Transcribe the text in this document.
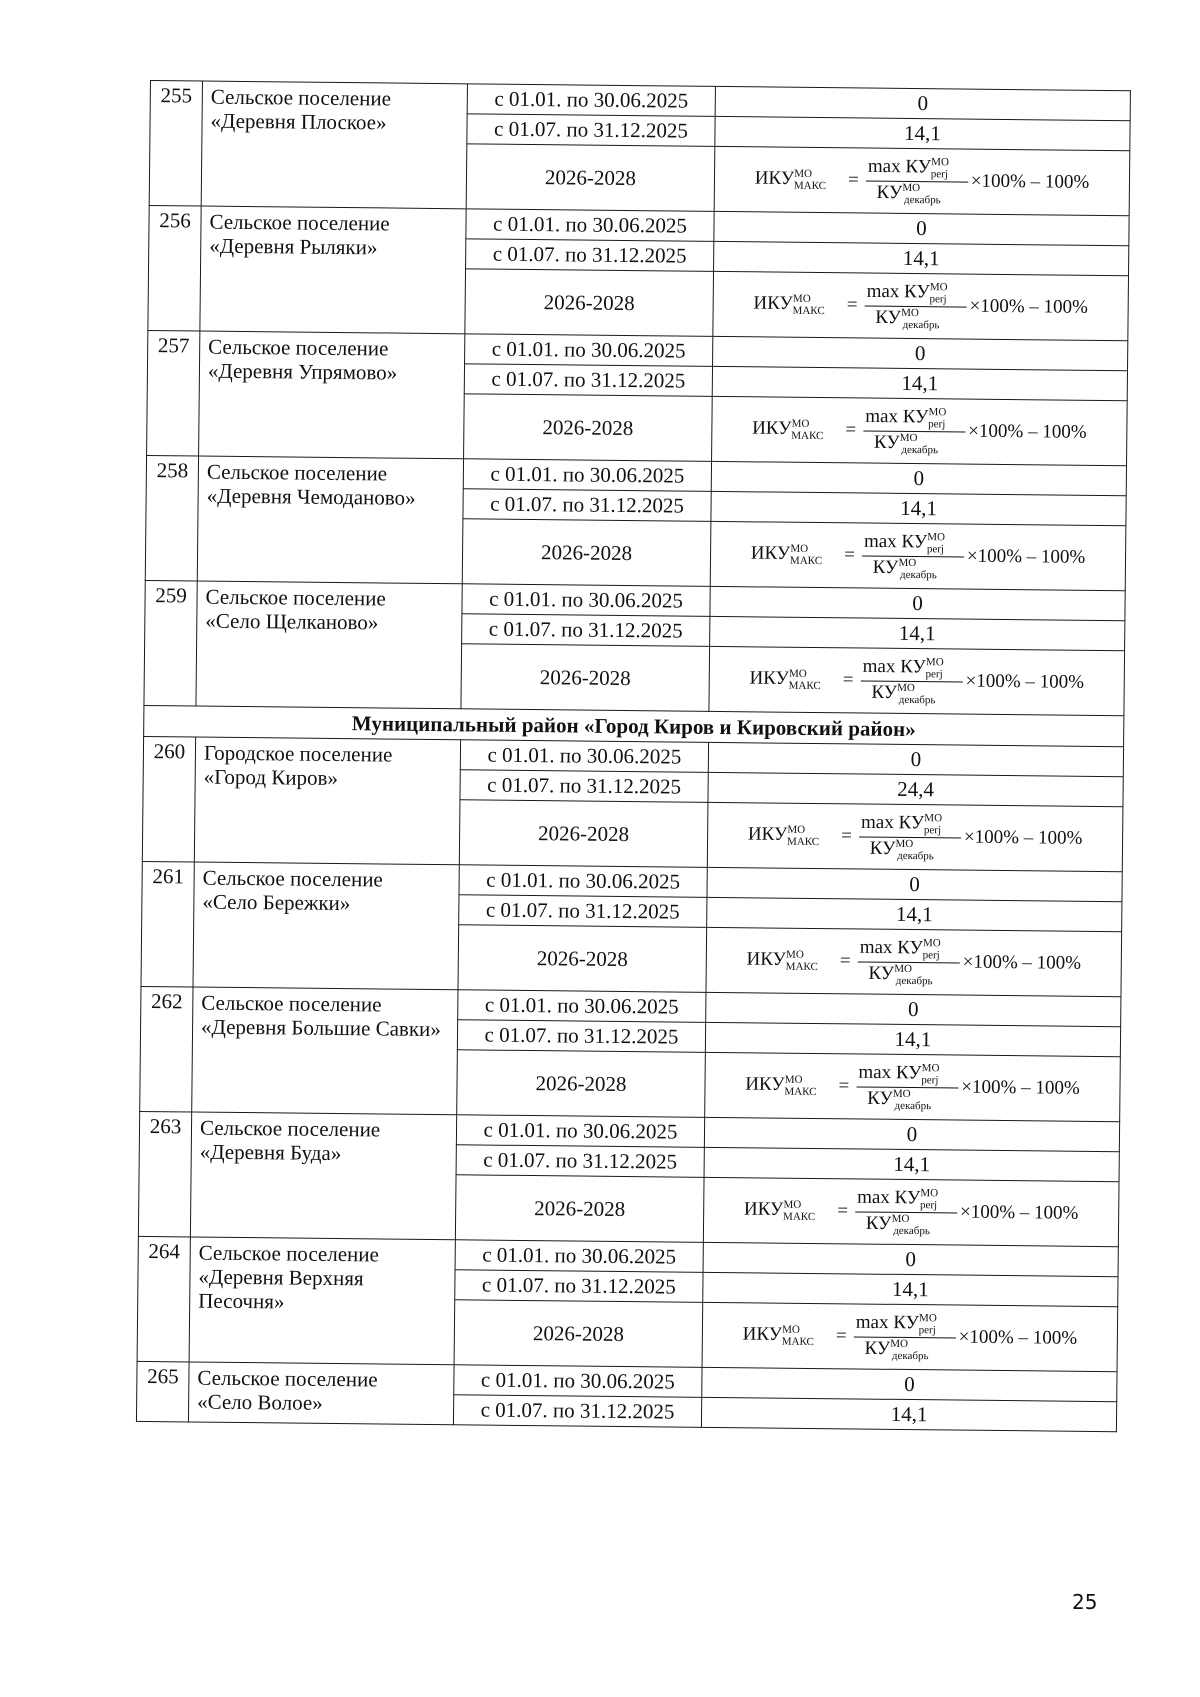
255	Сельское поселение
«Деревня Плоское»	с 01.01. по 30.06.2025	0
		с 01.07. по 31.12.2025	14,1
		2026-2028	$ИКУ^{МО}_{МАКС} = \frac{\max КУ^{МО}_{perj}}{КУ^{МО}_{декабрь}} \times 100\% - 100\%$

256	Сельское поселение
«Деревня Рыляки»	с 01.01. по 30.06.2025	0
		с 01.07. по 31.12.2025	14,1
		2026-2028	$ИКУ^{МО}_{МАКС} = \frac{\max КУ^{МО}_{perj}}{КУ^{МО}_{декабрь}} \times 100\% - 100\%$

257	Сельское поселение
«Деревня Упрямово»	с 01.01. по 30.06.2025	0
		с 01.07. по 31.12.2025	14,1
		2026-2028	$ИКУ^{МО}_{МАКС} = \frac{\max КУ^{МО}_{perj}}{КУ^{МО}_{декабрь}} \times 100\% - 100\%$

258	Сельское поселение
«Деревня Чемоданово»	с 01.01. по 30.06.2025	0
		с 01.07. по 31.12.2025	14,1
		2026-2028	$ИКУ^{МО}_{МАКС} = \frac{\max КУ^{МО}_{perj}}{КУ^{МО}_{декабрь}} \times 100\% - 100\%$

259	Сельское поселение
«Село Щелканово»	с 01.01. по 30.06.2025	0
		с 01.07. по 31.12.2025	14,1
		2026-2028	$ИКУ^{МО}_{МАКС} = \frac{\max КУ^{МО}_{perj}}{КУ^{МО}_{декабрь}} \times 100\% - 100\%$

Муниципальный район «Город Киров и Кировский район»			
260	Городское поселение
«Город Киров»	с 01.01. по 30.06.2025	0
		с 01.07. по 31.12.2025	24,4
		2026-2028	$ИКУ^{МО}_{МАКС} = \frac{\max КУ^{МО}_{perj}}{КУ^{МО}_{декабрь}} \times 100\% - 100\%$

261	Сельское поселение
«Село Бережки»	с 01.01. по 30.06.2025	0
		с 01.07. по 31.12.2025	14,1
		2026-2028	$ИКУ^{МО}_{МАКС} = \frac{\max КУ^{МО}_{perj}}{КУ^{МО}_{декабрь}} \times 100\% - 100\%$

262	Сельское поселение
«Деревня Большие Савки»	с 01.01. по 30.06.2025	0
		с 01.07. по 31.12.2025	14,1
		2026-2028	$ИКУ^{МО}_{МАКС} = \frac{\max КУ^{МО}_{perj}}{КУ^{МО}_{декабрь}} \times 100\% - 100\%$

263	Сельское поселение
«Деревня Буда»	с 01.01. по 30.06.2025	0
		с 01.07. по 31.12.2025	14,1
		2026-2028	$ИКУ^{МО}_{МАКС} = \frac{\max КУ^{МО}_{perj}}{КУ^{МО}_{декабрь}} \times 100\% - 100\%$

264	Сельское поселение
«Деревня Верхняя Песочня»	с 01.01. по 30.06.2025	0
		с 01.07. по 31.12.2025	14,1
		2026-2028	$ИКУ^{МО}_{МАКС} = \frac{\max КУ^{МО}_{perj}}{КУ^{МО}_{декабрь}} \times 100\% - 100\%$

265	Сельское поселение
«Село Волое»	с 01.01. по 30.06.2025	0
		с 01.07. по 31.12.2025	14,1
25
